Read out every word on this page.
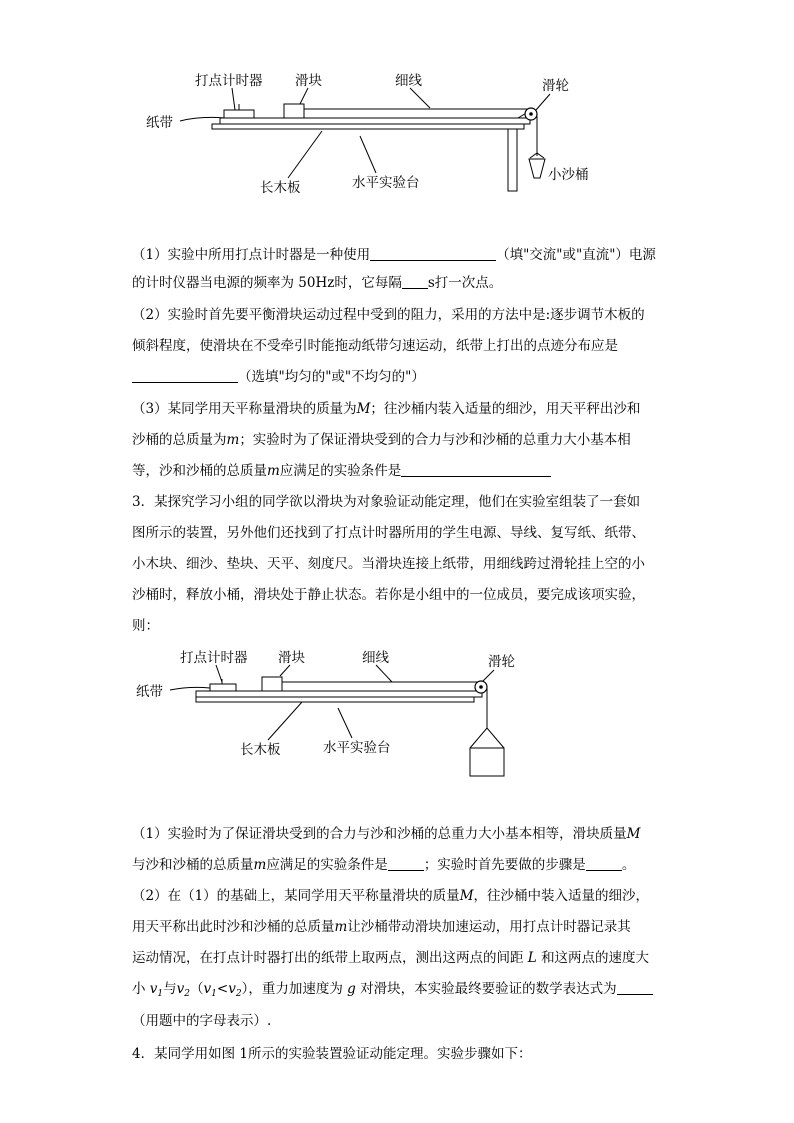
打点计时器 滑块	细线	滑轮
纸带
长木板	水平实验台	小沙桶
（1）实验中所用打点计时器是一种使用	（填"交流"或"直流"）电源
的计时仪器当电源的频率为 50Hz时，它每隔 s打一次点。
（2）实验时首先要平衡滑块运动过程中受到的阻力，采用的方法中是:逐步调节木板的
倾斜程度，使滑块在不受牵引时能拖动纸带匀速运动，纸带上打出的点迹分布应是
（选填"均匀的"或"不均匀的"）
（3）某同学用天平称量滑块的质量为M；往沙桶内装入适量的细沙，用天平秤出沙和
沙桶的总质量为m；实验时为了保证滑块受到的合力与沙和沙桶的总重力大小基本相
等，沙和沙桶的总质量m应满足的实验条件是
3．某探究学习小组的同学欲以滑块为对象验证动能定理，他们在实验室组装了一套如
图所示的装置，另外他们还找到了打点计时器所用的学生电源、导线、复写纸、纸带、
小木块、细沙、垫块、天平、刻度尺。当滑块连接上纸带，用细线跨过滑轮挂上空的小
沙桶时，释放小桶，滑块处于静止状态。若你是小组中的一位成员，要完成该项实验，
则：
打点计时器 滑块	细线	滑轮
纸带
长木板	水平实验台
（1）实验时为了保证滑块受到的合力与沙和沙桶的总重力大小基本相等，滑块质量M
与沙和沙桶的总质量m应满足的实验条件是	；实验时首先要做的步骤是	。
（2）在（1）的基础上，某同学用天平称量滑块的质量M，往沙桶中装入适量的细沙，
用天平称出此时沙和沙桶的总质量m让沙桶带动滑块加速运动，用打点计时器记录其
运动情况，在打点计时器打出的纸带上取两点，测出这两点的间距 L 和这两点的速度大
小 $v_1$与$v_2(v_1<v_2)$，重力加速度为 g 对滑块，本实验最终要验证的数学表达式为
（用题中的字母表示）.
4．某同学用如图 1所示的实验装置验证动能定理。实验步骤如下：
